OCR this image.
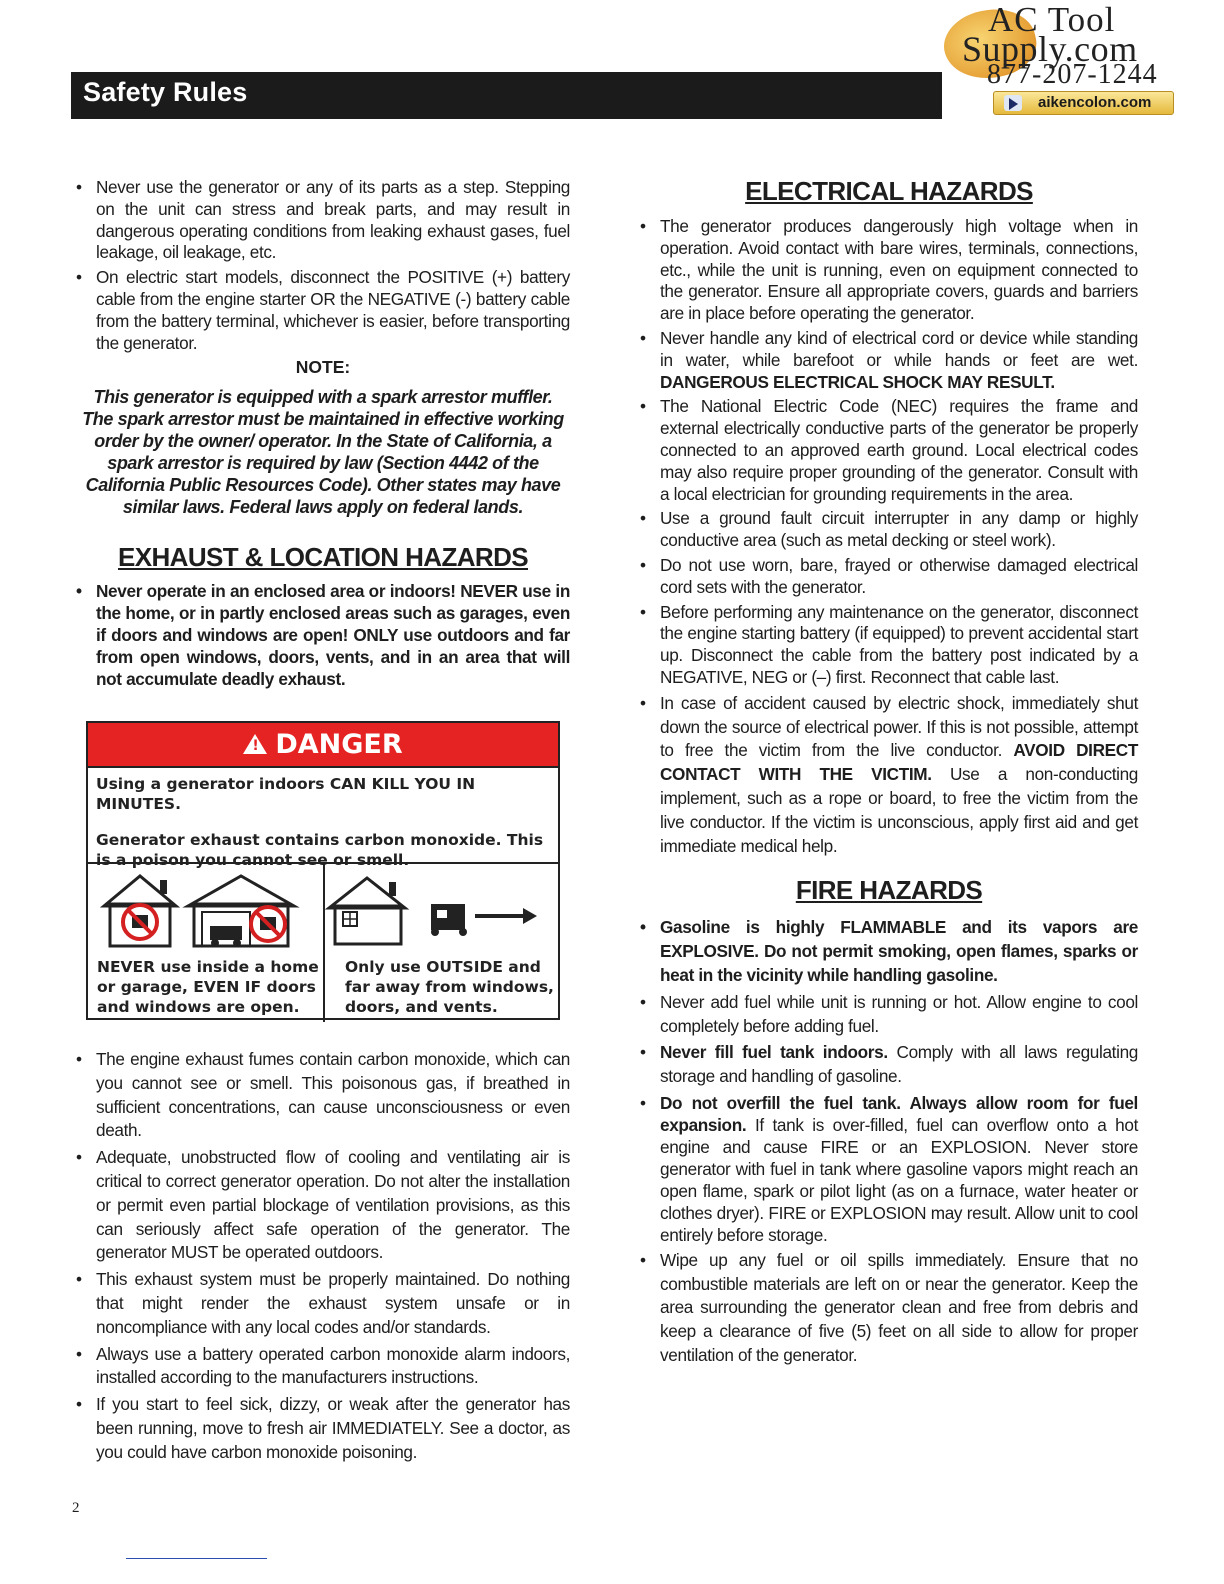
Safety Rules
AC Tool
Supply.com
877-207-1244
aikencolon.com
• Never use the generator or any of its parts as a step. Stepping on the unit can stress and break parts, and may result in dangerous operating conditions from leaking exhaust gases, fuel leakage, oil leakage, etc.
• On electric start models, disconnect the POSITIVE (+) battery cable from the engine starter OR the NEGATIVE (-) battery cable from the battery terminal, whichever is easier, before transporting the generator.
NOTE:

This generator is equipped with a spark arrestor muffler. The spark arrestor must be maintained in effective working order by the owner/ operator. In the State of California, a spark arrestor is required by law (Section 4442 of the California Public Resources Code). Other states may have similar laws. Federal laws apply on federal lands.

EXHAUST & LOCATION HAZARDS
• Never operate in an enclosed area or indoors! NEVER use in the home, or in partly enclosed areas such as garages, even if doors and windows are open! ONLY use outdoors and far from open windows, doors, vents, and in an area that will not accumulate deadly exhaust.
! DANGER

Using a generator indoors CAN KILL YOU IN MINUTES.

Generator exhaust contains carbon monoxide. This is a poison you cannot see or smell.

NEVER use inside a home or garage, EVEN IF doors and windows are open.
Only use OUTSIDE and far away from windows, doors, and vents.
• The engine exhaust fumes contain carbon monoxide, which can you cannot see or smell. This poisonous gas, if breathed in sufficient concentrations, can cause unconsciousness or even death.
• Adequate, unobstructed flow of cooling and ventilating air is critical to correct generator operation. Do not alter the installation or permit even partial blockage of ventilation provisions, as this can seriously affect safe operation of the generator. The generator MUST be operated outdoors.
• This exhaust system must be properly maintained. Do nothing that might render the exhaust system unsafe or in noncompliance with any local codes and/or standards.
• Always use a battery operated carbon monoxide alarm indoors, installed according to the manufacturers instructions.
• If you start to feel sick, dizzy, or weak after the generator has been running, move to fresh air IMMEDIATELY. See a doctor, as you could have carbon monoxide poisoning.
ELECTRICAL HAZARDS
• The generator produces dangerously high voltage when in operation. Avoid contact with bare wires, terminals, connections, etc., while the unit is running, even on equipment connected to the generator. Ensure all appropriate covers, guards and barriers are in place before operating the generator.
• Never handle any kind of electrical cord or device while standing in water, while barefoot or while hands or feet are wet. DANGEROUS ELECTRICAL SHOCK MAY RESULT.
• The National Electric Code (NEC) requires the frame and external electrically conductive parts of the generator be properly connected to an approved earth ground. Local electrical codes may also require proper grounding of the generator. Consult with a local electrician for grounding requirements in the area.
• Use a ground fault circuit interrupter in any damp or highly conductive area (such as metal decking or steel work).
• Do not use worn, bare, frayed or otherwise damaged electrical cord sets with the generator.
• Before performing any maintenance on the generator, disconnect the engine starting battery (if equipped) to prevent accidental start up. Disconnect the cable from the battery post indicated by a NEGATIVE, NEG or (–) first. Reconnect that cable last.
• In case of accident caused by electric shock, immediately shut down the source of electrical power. If this is not possible, attempt to free the victim from the live conductor. AVOID DIRECT CONTACT WITH THE VICTIM. Use a non-conducting implement, such as a rope or board, to free the victim from the live conductor. If the victim is unconscious, apply first aid and get immediate medical help.
FIRE HAZARDS
• Gasoline is highly FLAMMABLE and its vapors are EXPLOSIVE. Do not permit smoking, open flames, sparks or heat in the vicinity while handling gasoline.
• Never add fuel while unit is running or hot. Allow engine to cool completely before adding fuel.
• Never fill fuel tank indoors. Comply with all laws regulating storage and handling of gasoline.
• Do not overfill the fuel tank. Always allow room for fuel expansion. If tank is over-filled, fuel can overflow onto a hot engine and cause FIRE or an EXPLOSION. Never store generator with fuel in tank where gasoline vapors might reach an open flame, spark or pilot light (as on a furnace, water heater or clothes dryer). FIRE or EXPLOSION may result. Allow unit to cool entirely before storage.
• Wipe up any fuel or oil spills immediately. Ensure that no combustible materials are left on or near the generator. Keep the area surrounding the generator clean and free from debris and keep a clearance of five (5) feet on all side to allow for proper ventilation of the generator.
2
